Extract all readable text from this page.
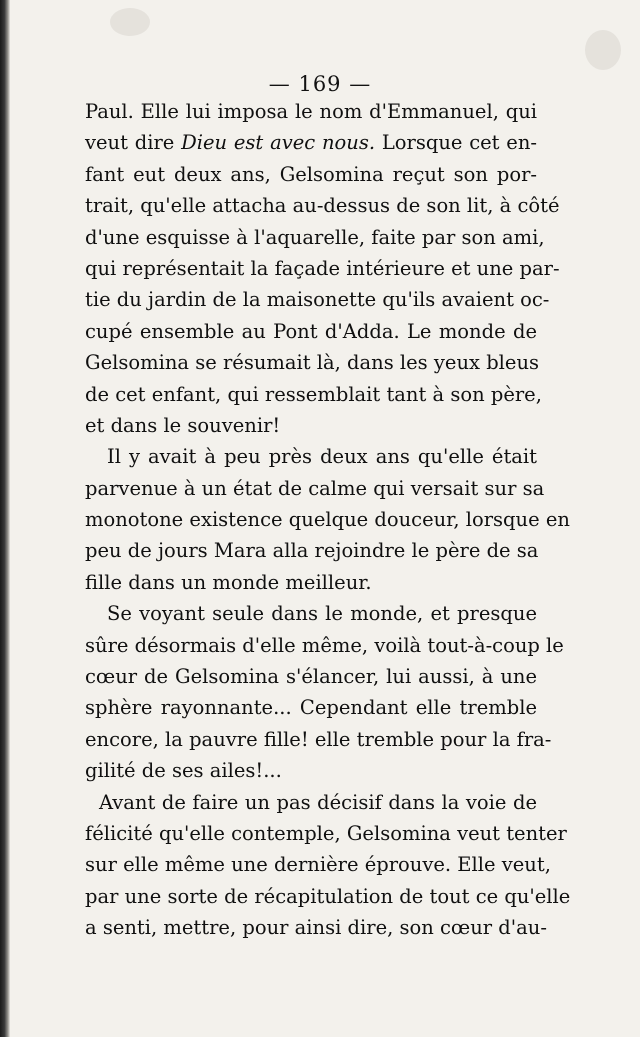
— 169 —
Paul. Elle lui imposa le nom d'Emmanuel, qui
veut dire Dieu est avec nous. Lorsque cet en-
fant eut deux ans, Gelsomina reçut son por-
trait, qu'elle attacha au-dessus de son lit, à côté
d'une esquisse à l'aquarelle, faite par son ami,
qui représentait la façade intérieure et une par-
tie du jardin de la maisonette qu'ils avaient oc-
cupé ensemble au Pont d'Adda. Le monde de
Gelsomina se résumait là, dans les yeux bleus
de cet enfant, qui ressemblait tant à son père,
et dans le souvenir!
Il y avait à peu près deux ans qu'elle était
parvenue à un état de calme qui versait sur sa
monotone existence quelque douceur, lorsque en
peu de jours Mara alla rejoindre le père de sa
fille dans un monde meilleur.
Se voyant seule dans le monde, et presque
sûre désormais d'elle même, voilà tout-à-coup le
cœur de Gelsomina s'élancer, lui aussi, à une
sphère rayonnante... Cependant elle tremble
encore, la pauvre fille! elle tremble pour la fra-
gilité de ses ailes!...
Avant de faire un pas décisif dans la voie de
félicité qu'elle contemple, Gelsomina veut tenter
sur elle même une dernière éprouve. Elle veut,
par une sorte de récapitulation de tout ce qu'elle
a senti, mettre, pour ainsi dire, son cœur d'au-
